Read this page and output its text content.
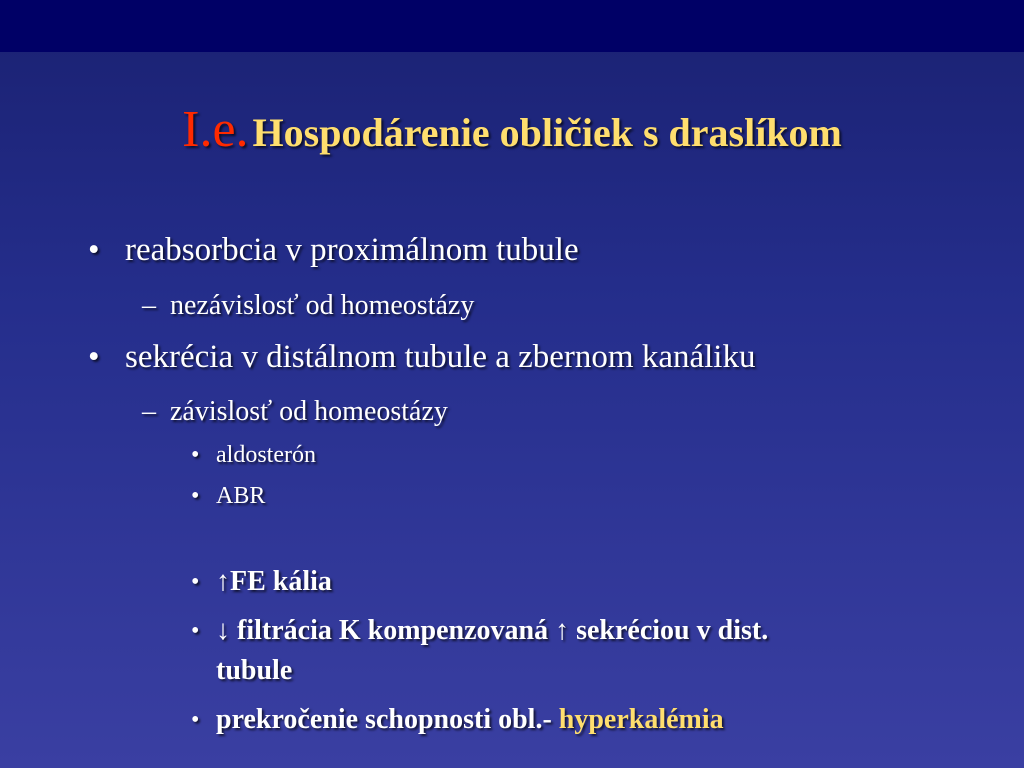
I.e. Hospodárenie obličiek s draslíkom
• reabsorbcia v proximálnom tubule
– nezávislosť od homeostázy
• sekrécia v distálnom tubule a zbernom kanáliku
– závislosť od homeostázy
• aldosterón
• ABR
• ↑FE kália
• ↓ filtrácia K kompenzovaná ↑ sekréciou v dist.
tubule
• prekročenie schopnosti obl.- hyperkalémia
